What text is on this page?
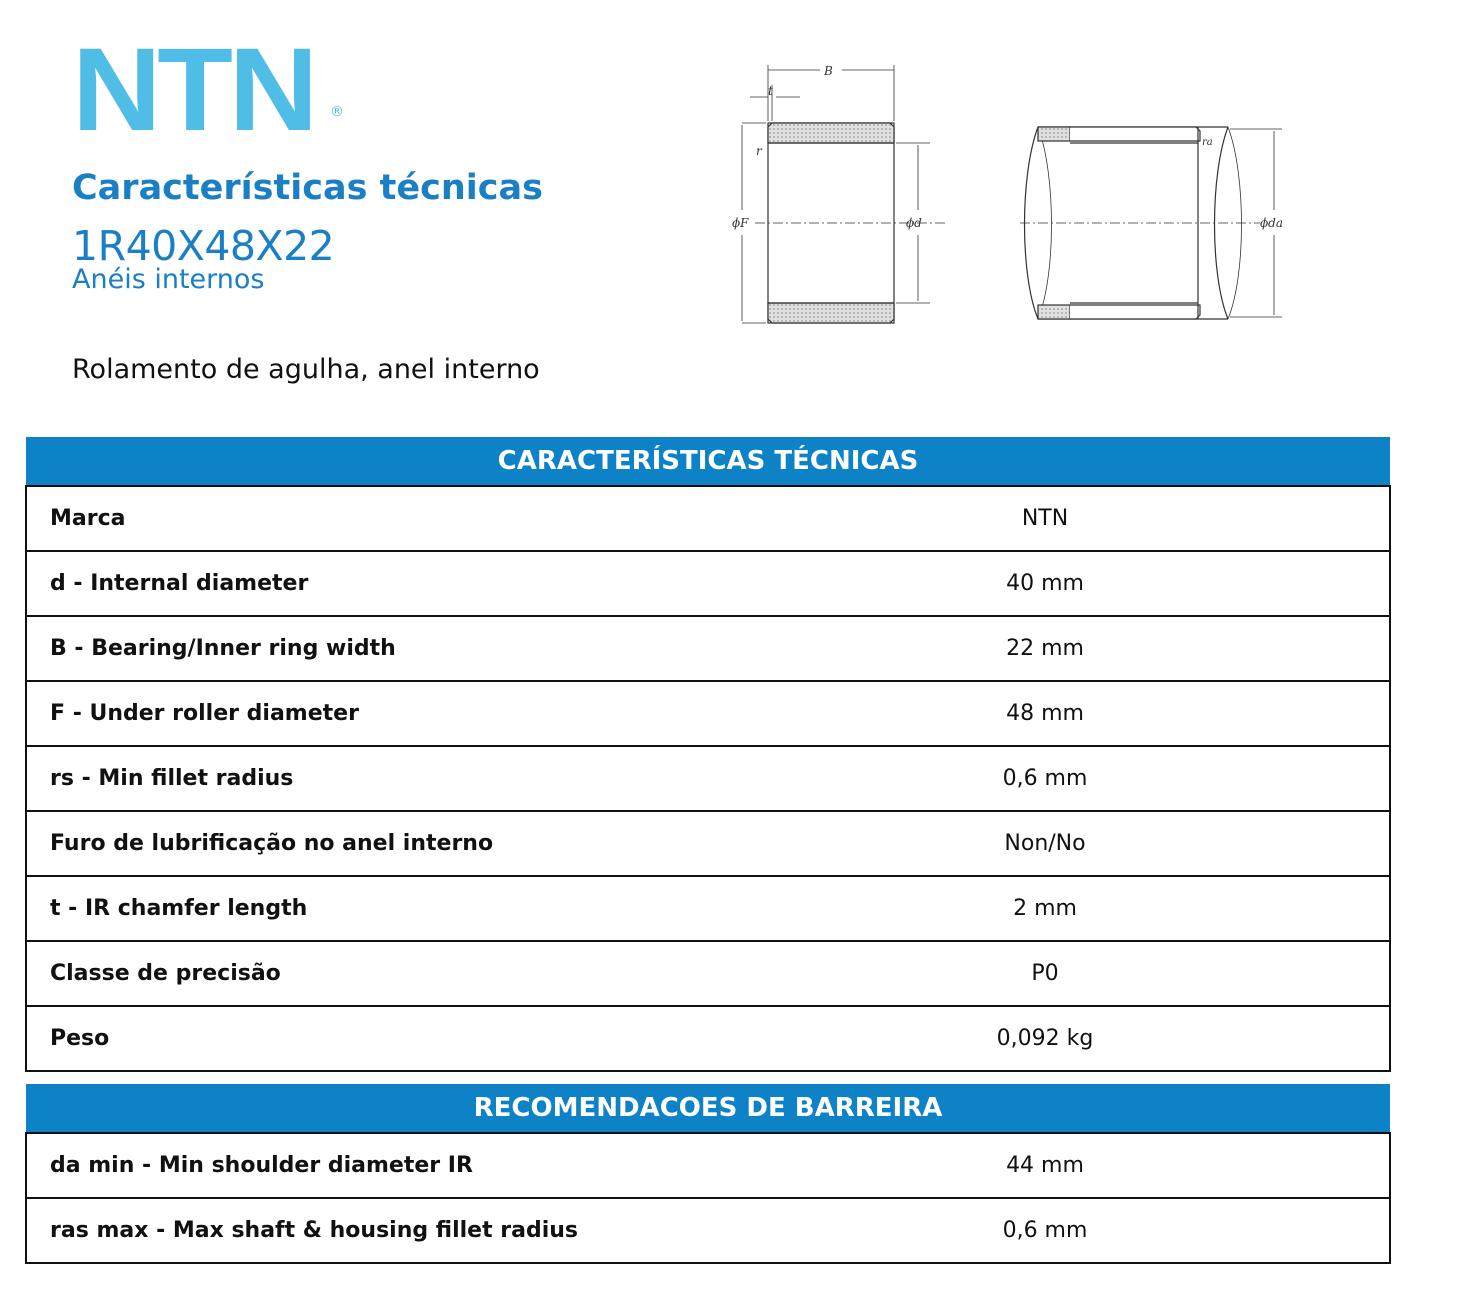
NTN ®
Características técnicas
1R40X48X22
Anéis internos
Rolamento de agulha, anel interno
B
t
r
ϕF	ϕd
ra
ϕda
CARACTERÍSTICAS TÉCNICAS	
Marca	NTN
d - Internal diameter	40 mm
B - Bearing/Inner ring width	22 mm
F - Under roller diameter	48 mm
rs - Min fillet radius	0,6 mm
Furo de lubrificação no anel interno	Non/No
t - IR chamfer length	2 mm
Classe de precisão	P0
Peso	0,092 kg
RECOMENDACOES DE BARREIRA	
da min - Min shoulder diameter IR	44 mm
ras max - Max shaft & housing fillet radius	0,6 mm
